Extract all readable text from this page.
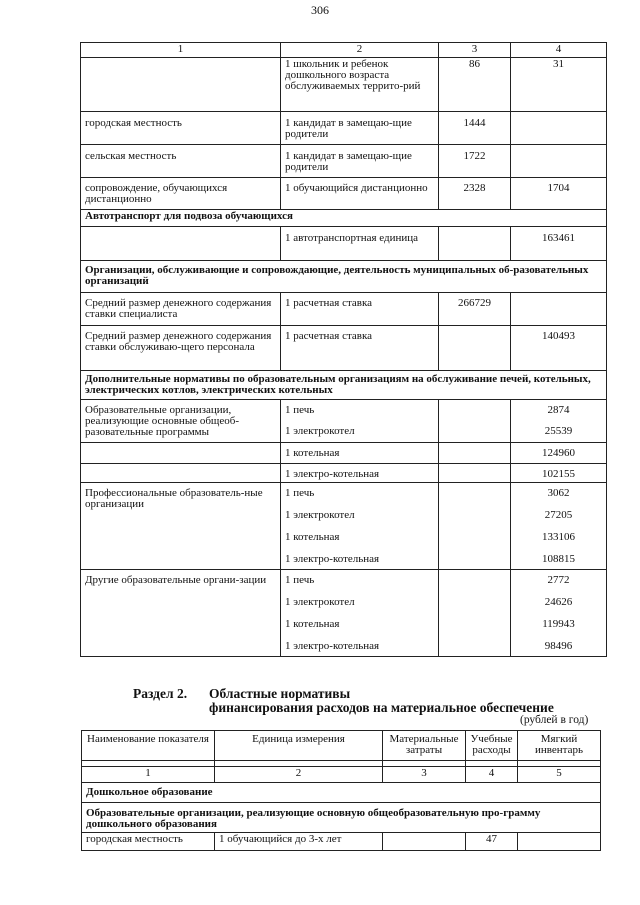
306
1	2	3	4
	1 школьник и ребенок дошкольного возраста обслуживаемых террито-рий	86	31
городская местность	1 кандидат в замещаю-щие родители	1444	
сельская местность	1 кандидат в замещаю-щие родители	1722	
сопровождение, обучающихся дистанционно	1 обучающийся дистанционно	2328	1704
Автотранспорт для подвоза обучающихся			
	1 автотранспортная единица		163461
Организации, обслуживающие и сопровождающие, деятельность муниципальных об-разовательных организаций			
Средний размер денежного содержания ставки специалиста	1 расчетная ставка	266729	
Средний размер денежного содержания ставки обслуживаю-щего персонала	1 расчетная ставка		140493
Дополнительные нормативы по образовательным организациям на обслуживание печей, котельных, электрических котлов, электрических котельных			
Образовательные организации, реализующие основные общеоб-разовательные программы	1 печь		2874
	1 электрокотел		25539
	1 котельная		124960
	1 электро-котельная		102155
Профессиональные образователь-ные организации	1 печь		3062
	1 электрокотел		27205
	1 котельная		133106
	1 электро-котельная		108815
Другие образовательные органи-зации	1 печь		2772
	1 электрокотел		24626
	1 котельная		119943
	1 электро-котельная		98496
Раздел 2. Областные нормативы
финансирования расходов на материальное обеспечение
(рублей в год)
Наименование показателя	Единица измерения	Материальные затраты	Учебные расходы	Мягкий инвентарь

1	2	3	4	5
Дошкольное образование				
Образовательные организации, реализующие основную общеобразовательную про-грамму дошкольного образования				
городская местность	1 обучающийся до 3-х лет		47	
